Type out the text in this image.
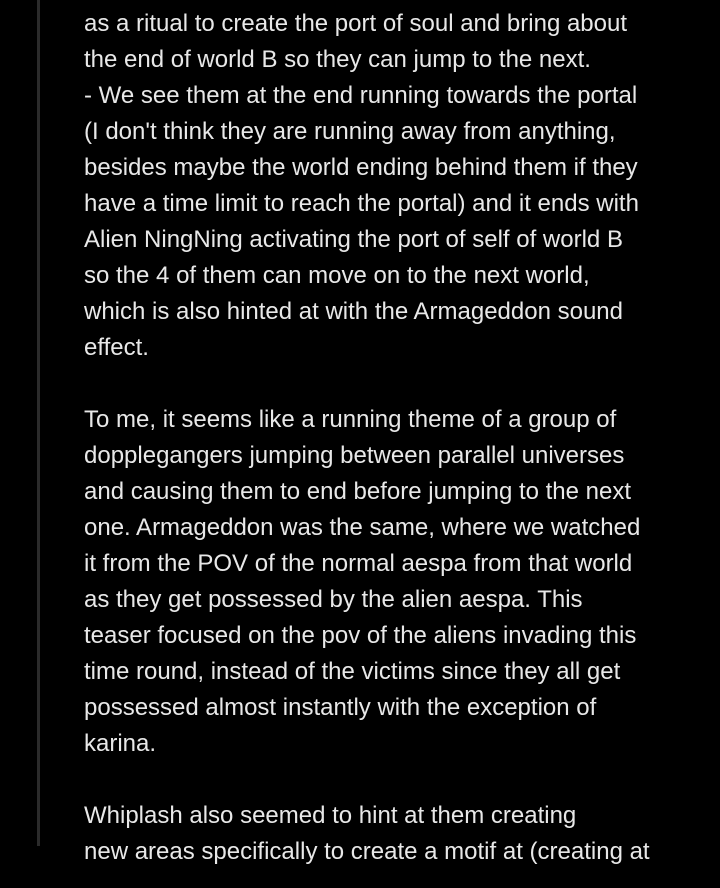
as a ritual to create the port of soul and bring about
the end of world B so they can jump to the next.
- We see them at the end running towards the portal
(I don't think they are running away from anything,
besides maybe the world ending behind them if they
have a time limit to reach the portal) and it ends with
Alien NingNing activating the port of self of world B
so the 4 of them can move on to the next world,
which is also hinted at with the Armageddon sound
effect.
To me, it seems like a running theme of a group of
dopplegangers jumping between parallel universes
and causing them to end before jumping to the next
one. Armageddon was the same, where we watched
it from the POV of the normal aespa from that world
as they get possessed by the alien aespa. This
teaser focused on the pov of the aliens invading this
time round, instead of the victims since they all get
possessed almost instantly with the exception of
karina.
Whiplash also seemed to hint at them creating
new areas specifically to create a motif at (creating at
